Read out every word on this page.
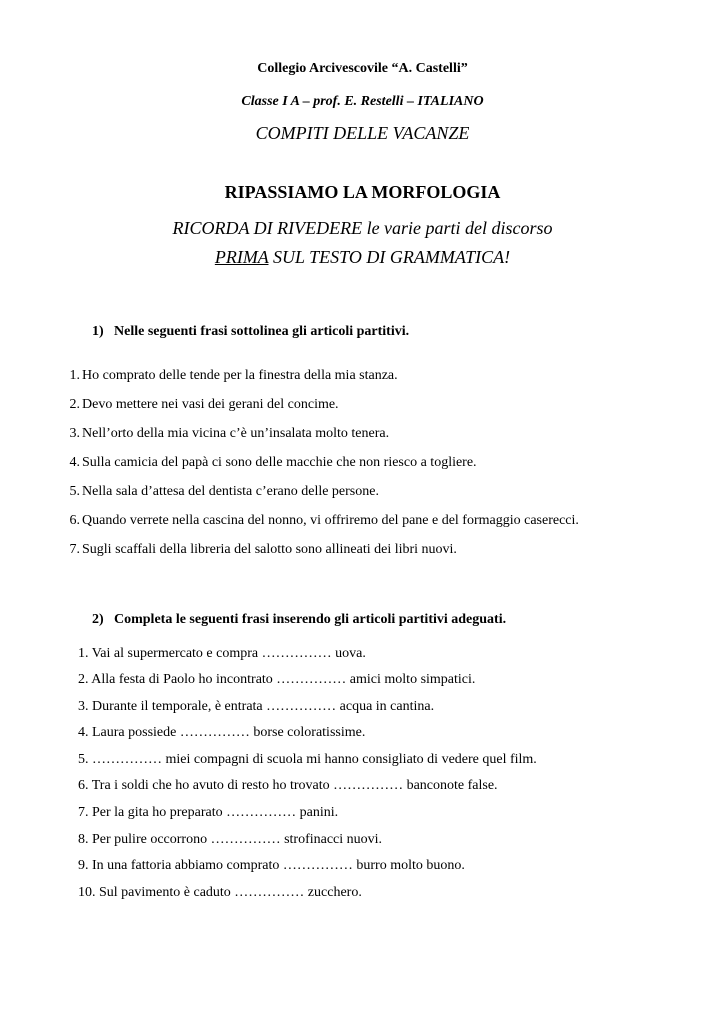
Collegio Arcivescovile “A. Castelli”
Classe I A – prof. E. Restelli – ITALIANO
COMPITI DELLE VACANZE
RIPASSIAMO LA MORFOLOGIA
RICORDA DI RIVEDERE le varie parti del discorso
PRIMA SUL TESTO DI GRAMMATICA!
1) Nelle seguenti frasi sottolinea gli articoli partitivi.
1. Ho comprato delle tende per la finestra della mia stanza.
2. Devo mettere nei vasi dei gerani del concime.
3. Nell’orto della mia vicina c’è un’insalata molto tenera.
4. Sulla camicia del papà ci sono delle macchie che non riesco a togliere.
5. Nella sala d’attesa del dentista c’erano delle persone.
6. Quando verrete nella cascina del nonno, vi offriremo del pane e del formaggio caserecci.
7. Sugli scaffali della libreria del salotto sono allineati dei libri nuovi.
2) Completa le seguenti frasi inserendo gli articoli partitivi adeguati.
1. Vai al supermercato e compra …………… uova.
2. Alla festa di Paolo ho incontrato …………… amici molto simpatici.
3. Durante il temporale, è entrata …………… acqua in cantina.
4. Laura possiede …………… borse coloratissime.
5. …………… miei compagni di scuola mi hanno consigliato di vedere quel film.
6. Tra i soldi che ho avuto di resto ho trovato …………… banconote false.
7. Per la gita ho preparato …………… panini.
8. Per pulire occorrono …………… strofinacci nuovi.
9. In una fattoria abbiamo comprato …………… burro molto buono.
10. Sul pavimento è caduto …………… zucchero.
